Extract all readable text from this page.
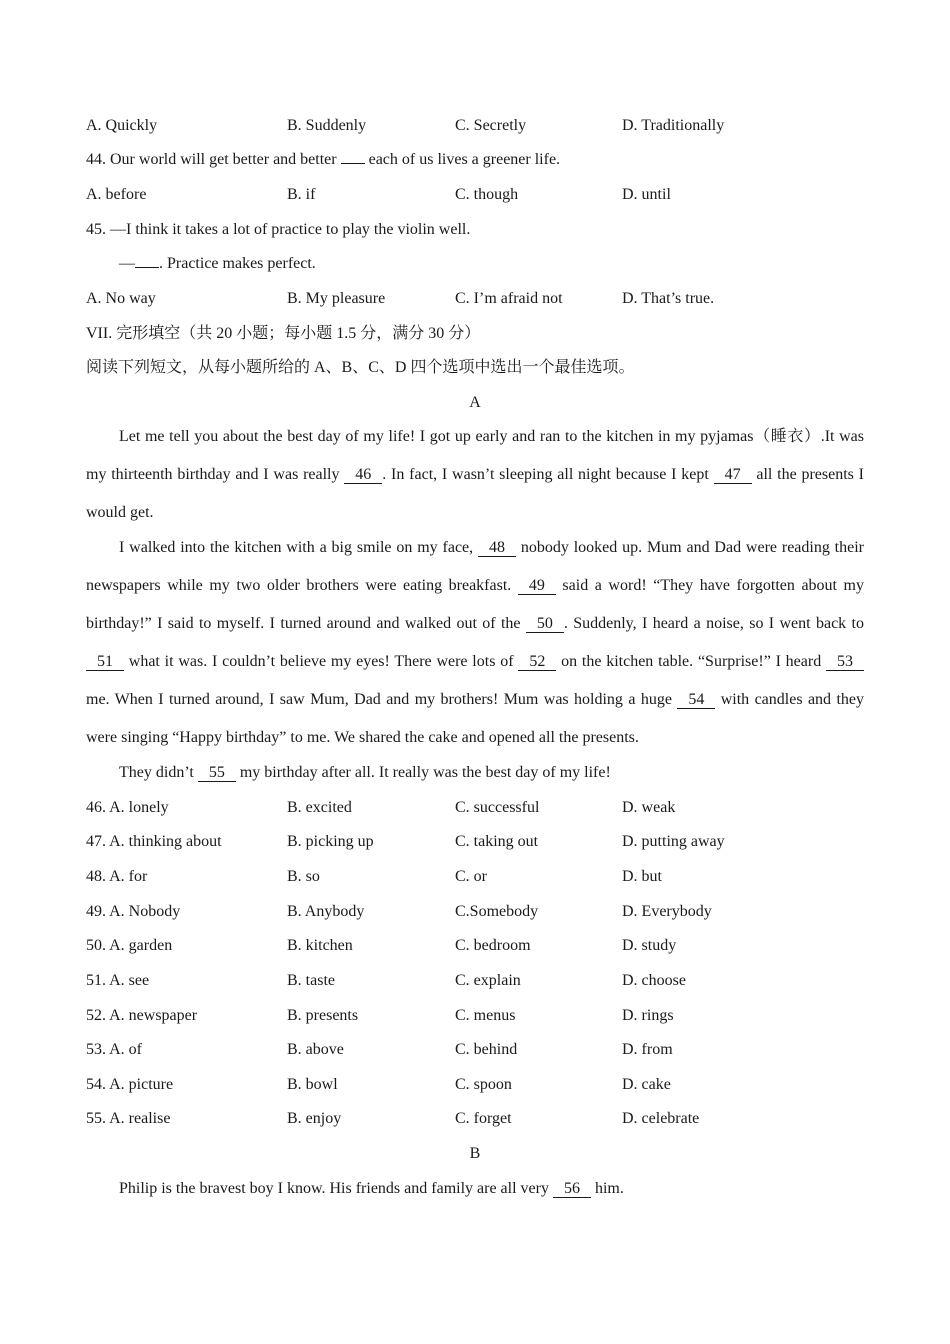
A. Quickly	B. Suddenly	C. Secretly	D. Traditionally
44. Our world will get better and better  each of us lives a greener life.
A. before	B. if	C. though	D. until
45. —I think it takes a lot of practice to play the violin well.
— . Practice makes perfect.
A. No way	B. My pleasure	C. I’m afraid not	D. That’s true.
VII. 完形填空（共 20 小题；每小题 1.5 分，满分 30 分）
阅读下列短文，从每小题所给的 A、B、C、D 四个选项中选出一个最佳选项。
A
Let me tell you about the best day of my life! I got up early and ran to the kitchen in my pyjamas（睡衣）.It was my thirteenth birthday and I was really 46 . In fact, I wasn’t sleeping all night because I kept 47 all the presents I would get.
I walked into the kitchen with a big smile on my face, 48 nobody looked up. Mum and Dad were reading their newspapers while my two older brothers were eating breakfast. 49 said a word! “They have forgotten about my birthday!” I said to myself. I turned around and walked out of the 50 . Suddenly, I heard a noise, so I went back to 51 what it was. I couldn’t believe my eyes! There were lots of 52 on the kitchen table. “Surprise!” I heard 53 me. When I turned around, I saw Mum, Dad and my brothers! Mum was holding a huge 54 with candles and they were singing “Happy birthday” to me. We shared the cake and opened all the presents.
They didn’t 55 my birthday after all. It really was the best day of my life!
46. A. lonely	B. excited	C. successful	D. weak
47. A. thinking about	B. picking up	C. taking out	D. putting away
48. A. for	B. so	C. or	D. but
49. A. Nobody	B. Anybody	C.Somebody	D. Everybody
50. A. garden	B. kitchen	C. bedroom	D. study
51. A. see	B. taste	C. explain	D. choose
52. A. newspaper	B. presents	C. menus	D. rings
53. A. of	B. above	C. behind	D. from
54. A. picture	B. bowl	C. spoon	D. cake
55. A. realise	B. enjoy	C. forget	D. celebrate
B
Philip is the bravest boy I know. His friends and family are all very 56 him.
